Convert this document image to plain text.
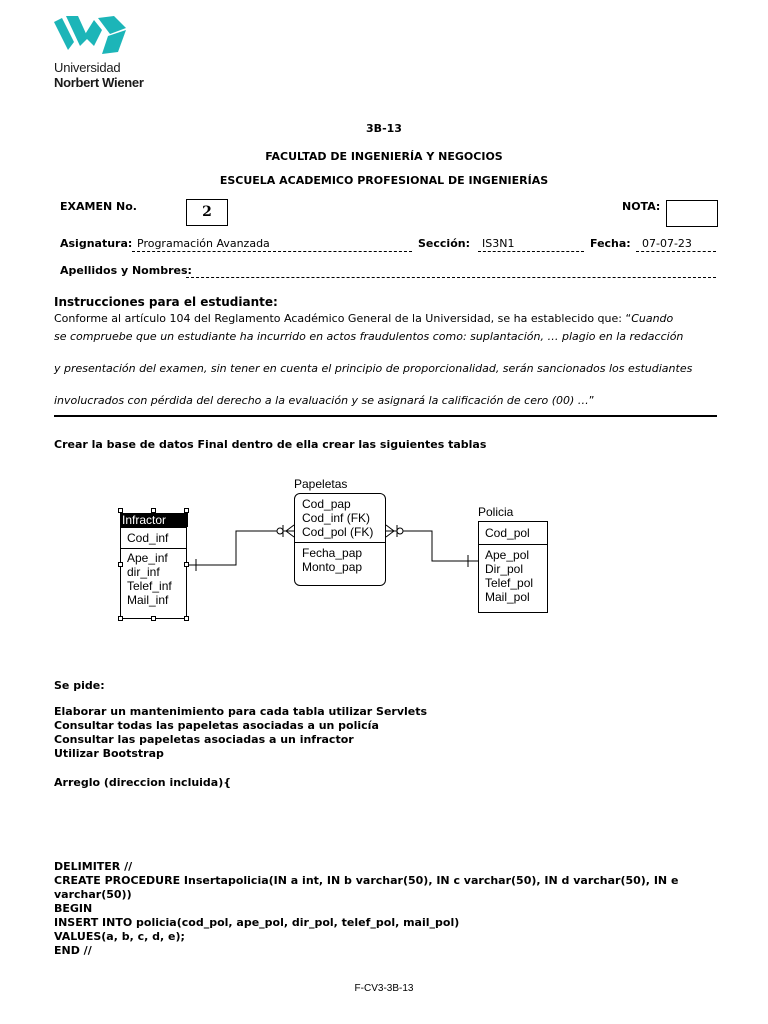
Universidad
Norbert Wiener
3B-13
FACULTAD DE INGENIERÍA Y NEGOCIOS
ESCUELA ACADEMICO PROFESIONAL DE INGENIERÍAS
EXAMEN No.	2	NOTA:
Asignatura: Programación Avanzada	Sección: IS3N1	Fecha: 07-07-23
Apellidos y Nombres:
Instrucciones para el estudiante:
Conforme al artículo 104 del Reglamento Académico General de la Universidad, se ha establecido que: “Cuando
se compruebe que un estudiante ha incurrido en actos fraudulentos como: suplantación, … plagio en la redacción
y presentación del examen, sin tener en cuenta el principio de proporcionalidad, serán sancionados los estudiantes
involucrados con pérdida del derecho a la evaluación y se asignará la calificación de cero (00) …”
Crear la base de datos Final dentro de ella crear las siguientes tablas
Infractor
Cod_inf
Ape_inf
dir_inf
Telef_inf
Mail_inf
Papeletas
Cod_pap
Cod_inf (FK)
Cod_pol (FK)
Fecha_pap
Monto_pap
Policia
Cod_pol
Ape_pol
Dir_pol
Telef_pol
Mail_pol
Se pide:
Elaborar un mantenimiento para cada tabla utilizar Servlets
Consultar todas las papeletas asociadas a un policía
Consultar las papeletas asociadas a un infractor
Utilizar Bootstrap
Arreglo (direccion incluida){
DELIMITER //
CREATE PROCEDURE Insertapolicia(IN a int, IN b varchar(50), IN c varchar(50), IN d varchar(50), IN e
varchar(50))
BEGIN
INSERT INTO policia(cod_pol, ape_pol, dir_pol, telef_pol, mail_pol)
VALUES(a, b, c, d, e);
END //
F-CV3-3B-13
